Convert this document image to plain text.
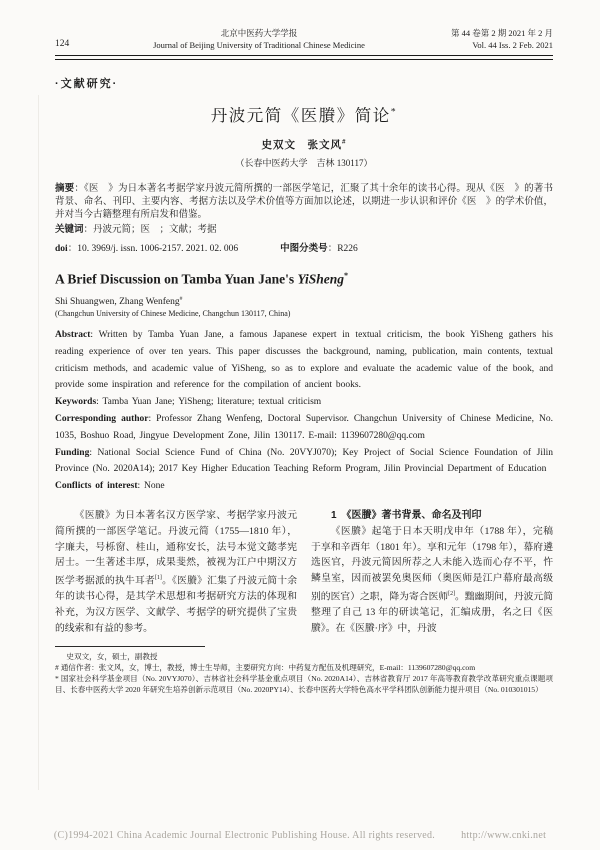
124
北京中医药大学学报
Journal of Beijing University of Traditional Chinese Medicine
第 44 卷第 2 期 2021 年 2 月
Vol. 44 Iss. 2 Feb. 2021
·文献研究·
丹波元简《医賸》简论*
史双文　张文风#
（长春中医药大学　吉林 130117）
摘要：《医　》为日本著名考据学家丹波元简所撰的一部医学笔记，汇聚了其十余年的读书心得。现从《医　》的著书背景、命名、刊印、主要内容、考据方法以及学术价值等方面加以论述，以期进一步认识和评价《医　》的学术价值，并对当今古籍整理有所启发和借鉴。
关键词：丹波元简；医　；文献；考据
doi：10. 3969/j. issn. 1006-2157. 2021. 02. 006	中图分类号：R226
A Brief Discussion on Tamba Yuan Jane's YiSheng*
Shi Shuangwen, Zhang Wenfeng#
(Changchun University of Chinese Medicine, Changchun 130117, China)

Abstract: Written by Tamba Yuan Jane, a famous Japanese expert in textual criticism, the book YiSheng gathers his reading experience of over ten years. This paper discusses the background, naming, publication, main contents, textual criticism methods, and academic value of YiSheng, so as to explore and evaluate the academic value of the book, and provide some inspiration and reference for the compilation of ancient books.

Keywords: Tamba Yuan Jane; YiSheng; literature; textual criticism

Corresponding author: Professor Zhang Wenfeng, Doctoral Supervisor. Changchun University of Chinese Medicine, No. 1035, Boshuo Road, Jingyue Development Zone, Jilin 130117. E-mail: 1139607280@qq.com

Funding: National Social Science Fund of China (No. 20VYJ070); Key Project of Social Science Foundation of Jilin Province (No. 2020A14); 2017 Key Higher Education Teaching Reform Program, Jilin Provincial Department of Education

Conflicts of interest: None

《医賸》为日本著名汉方医学家、考据学家丹波元简所撰的一部医学笔记。丹波元简（1755—1810 年），字廉夫，号栎窗、桂山，通称安长，法号本觉文懿孝宪居士。一生著述丰厚，成果斐然，被视为江户中期汉方医学考据派的执牛耳者[1]。《医賸》汇集了丹波元简十余年的读书心得，是其学术思想和考据研究方法的体现和补充，为汉方医学、文献学、考据学的研究提供了宝贵的线索和有益的参考。

1　《医賸》著书背景、命名及刊印

《医賸》起笔于日本天明戊申年（1788 年），完稿于享和辛酉年（1801 年）。享和元年（1798 年），幕府遴选医官，丹波元简因所荐之人未能入选而心存不平，忤鳞皇室，因而被罢免奥医师（奥医师是江户幕府最高级别的医官）之职，降为寄合医师[2]。黜幽期间，丹波元简整理了自己 13 年的研读笔记，汇编成册，名之曰《医賸》。在《医賸·序》中，丹波

史双文，女，硕士，副教授

# 通信作者：张文风，女，博士，教授，博士生导师，主要研究方向：中药复方配伍及机理研究，E-mail：1139607280@qq.com

* 国家社会科学基金项目（No. 20VYJ070）、吉林省社会科学基金重点项目（No. 2020A14）、吉林省教育厅 2017 年高等教育教学改革研究重点课题项目、长春中医药大学 2020 年研究生培养创新示范项目（No. 2020PY14）、长春中医药大学特色高水平学科团队创新能力提升项目（No. 010301015）

(C)1994-2021 China Academic Journal Electronic Publishing House. All rights reserved.	http://www.cnki.net
